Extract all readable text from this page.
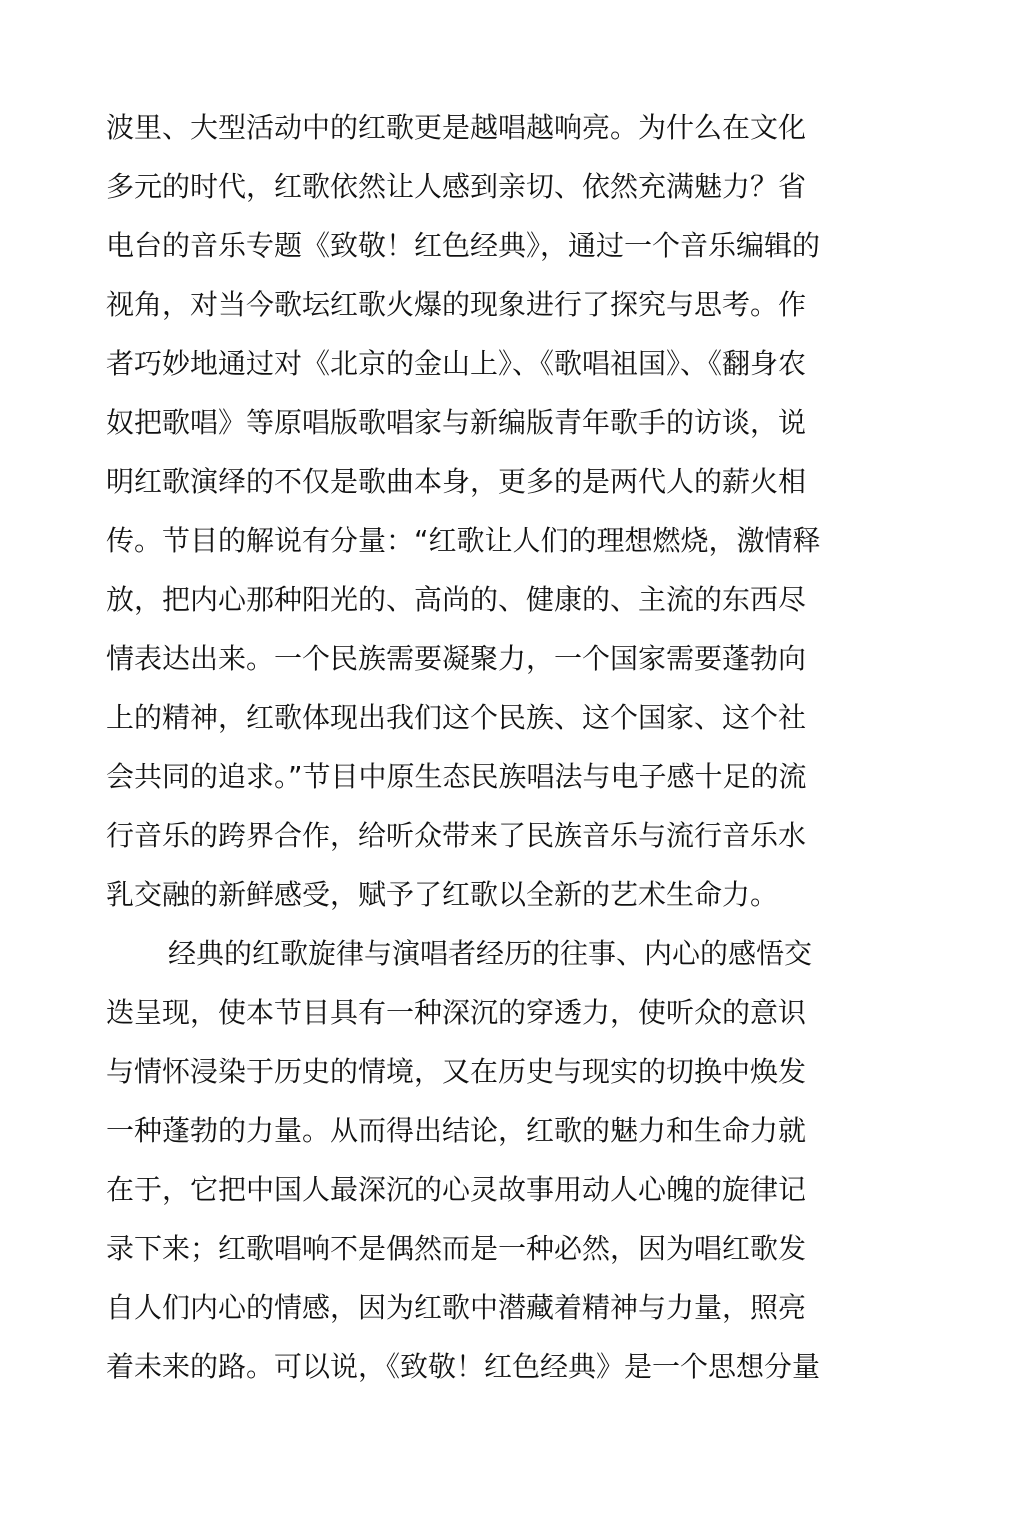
波里、大型活动中的红歌更是越唱越响亮。为什么在文化
多元的时代，红歌依然让人感到亲切、依然充满魅力？省
电台的音乐专题《致敬！红色经典》，通过一个音乐编辑的
视角，对当今歌坛红歌火爆的现象进行了探究与思考。作
者巧妙地通过对《北京的金山上》、《歌唱祖国》、《翻身农
奴把歌唱》等原唱版歌唱家与新编版青年歌手的访谈，说
明红歌演绎的不仅是歌曲本身，更多的是两代人的薪火相
传。节目的解说有分量：“红歌让人们的理想燃烧，激情释
放，把内心那种阳光的、高尚的、健康的、主流的东西尽
情表达出来。一个民族需要凝聚力，一个国家需要蓬勃向
上的精神，红歌体现出我们这个民族、这个国家、这个社
会共同的追求。”节目中原生态民族唱法与电子感十足的流
行音乐的跨界合作，给听众带来了民族音乐与流行音乐水
乳交融的新鲜感受，赋予了红歌以全新的艺术生命力。
经典的红歌旋律与演唱者经历的往事、内心的感悟交
迭呈现，使本节目具有一种深沉的穿透力，使听众的意识
与情怀浸染于历史的情境，又在历史与现实的切换中焕发
一种蓬勃的力量。从而得出结论，红歌的魅力和生命力就
在于，它把中国人最深沉的心灵故事用动人心魄的旋律记
录下来；红歌唱响不是偶然而是一种必然，因为唱红歌发
自人们内心的情感，因为红歌中潜藏着精神与力量，照亮
着未来的路。可以说，《致敬！红色经典》是一个思想分量
